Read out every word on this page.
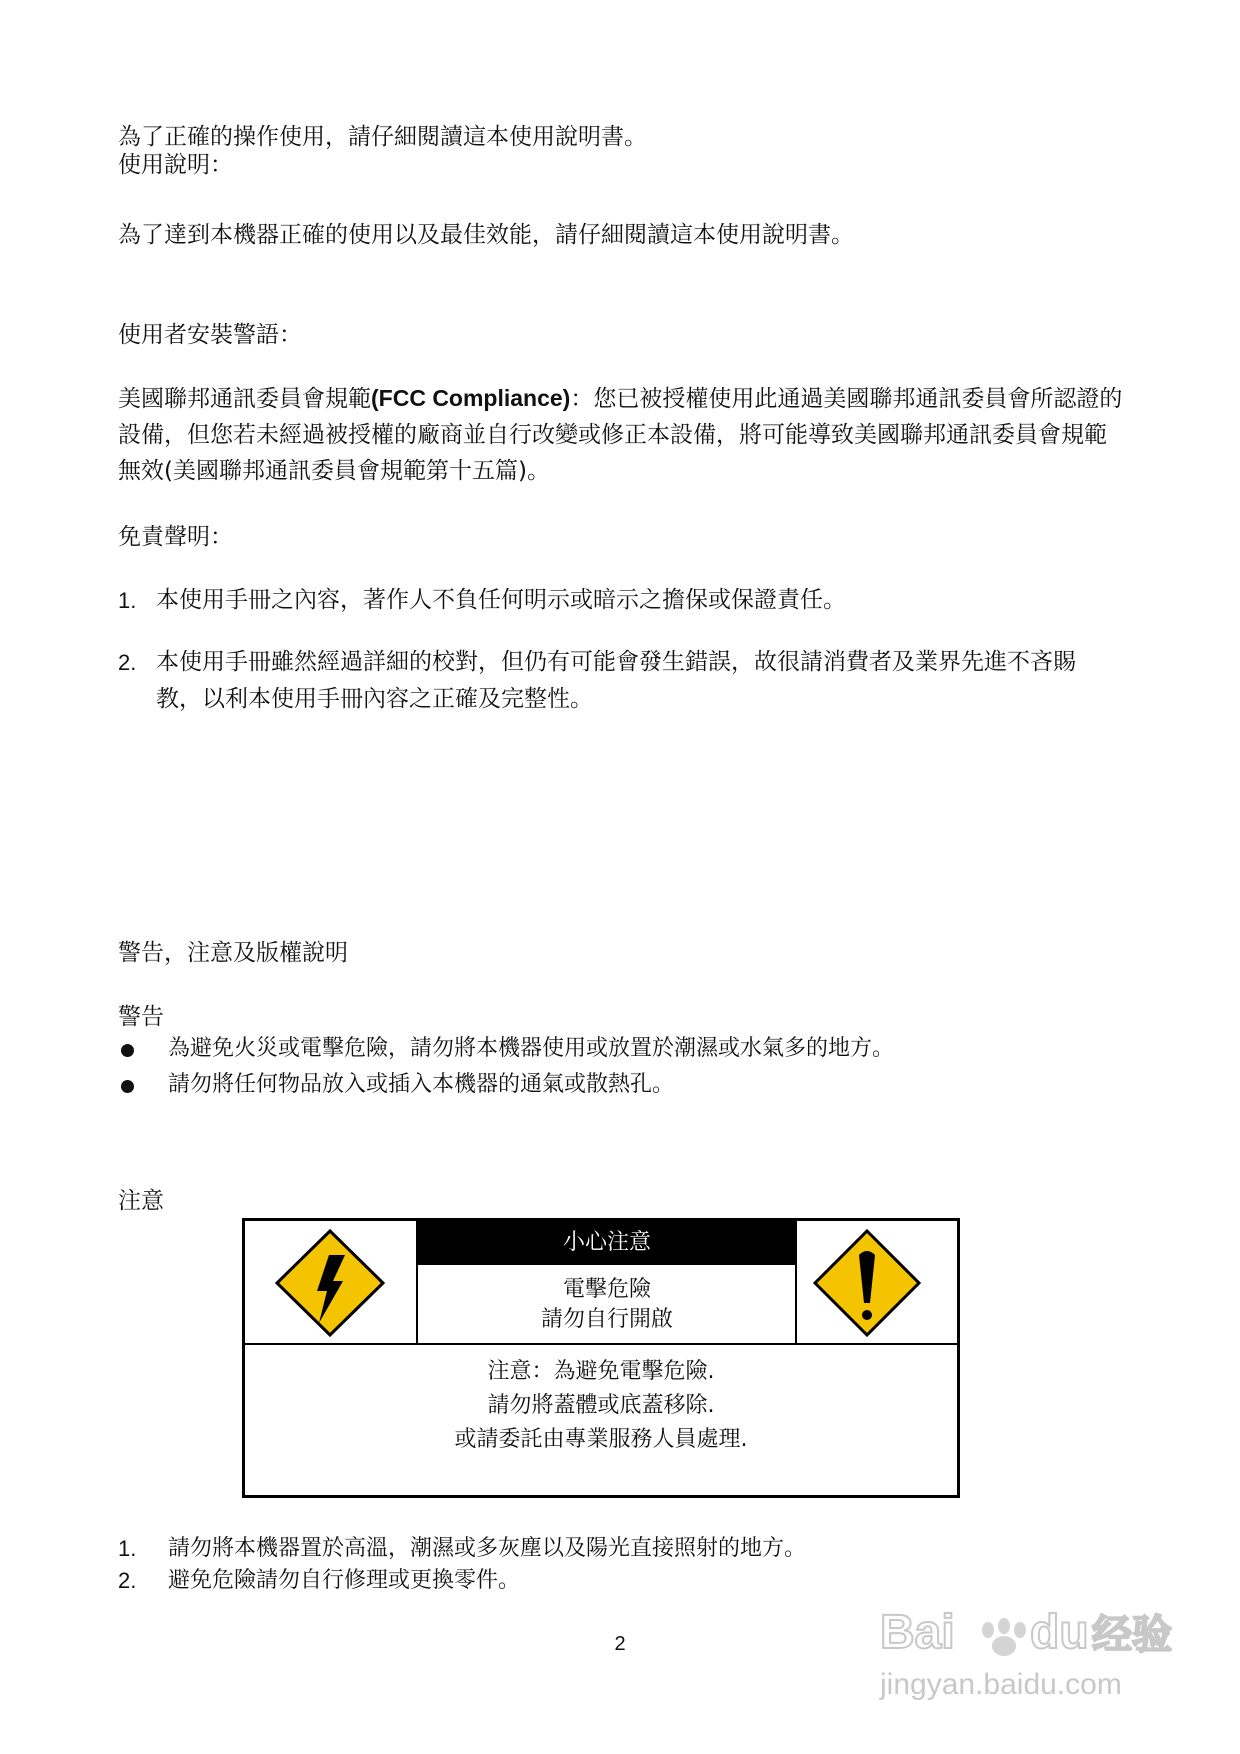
為了正確的操作使用，請仔細閱讀這本使用說明書。

使用說明：

為了達到本機器正確的使用以及最佳效能，請仔細閱讀這本使用說明書。

使用者安裝警語：

美國聯邦通訊委員會規範(FCC Compliance)：您已被授權使用此通過美國聯邦通訊委員會所認證的設備，但您若未經過被授權的廠商並自行改變或修正本設備，將可能導致美國聯邦通訊委員會規範無效(美國聯邦通訊委員會規範第十五篇)。

免責聲明：

1. 本使用手冊之內容，著作人不負任何明示或暗示之擔保或保證責任。
2. 本使用手冊雖然經過詳細的校對，但仍有可能會發生錯誤，故很請消費者及業界先進不吝賜教，以利本使用手冊內容之正確及完整性。

警告，注意及版權說明

警告

為避免火災或電擊危險，請勿將本機器使用或放置於潮濕或水氣多的地方。
請勿將任何物品放入或插入本機器的通氣或散熱孔。

注意

小心注意
電擊危險
請勿自行開啟
注意：為避免電擊危險.
請勿將蓋體或底蓋移除.
或請委託由專業服務人員處理.
1. 請勿將本機器置於高溫，潮濕或多灰塵以及陽光直接照射的地方。
2. 避免危險請勿自行修理或更換零件。
2	Bai du 经验
jingyan.baidu.com
